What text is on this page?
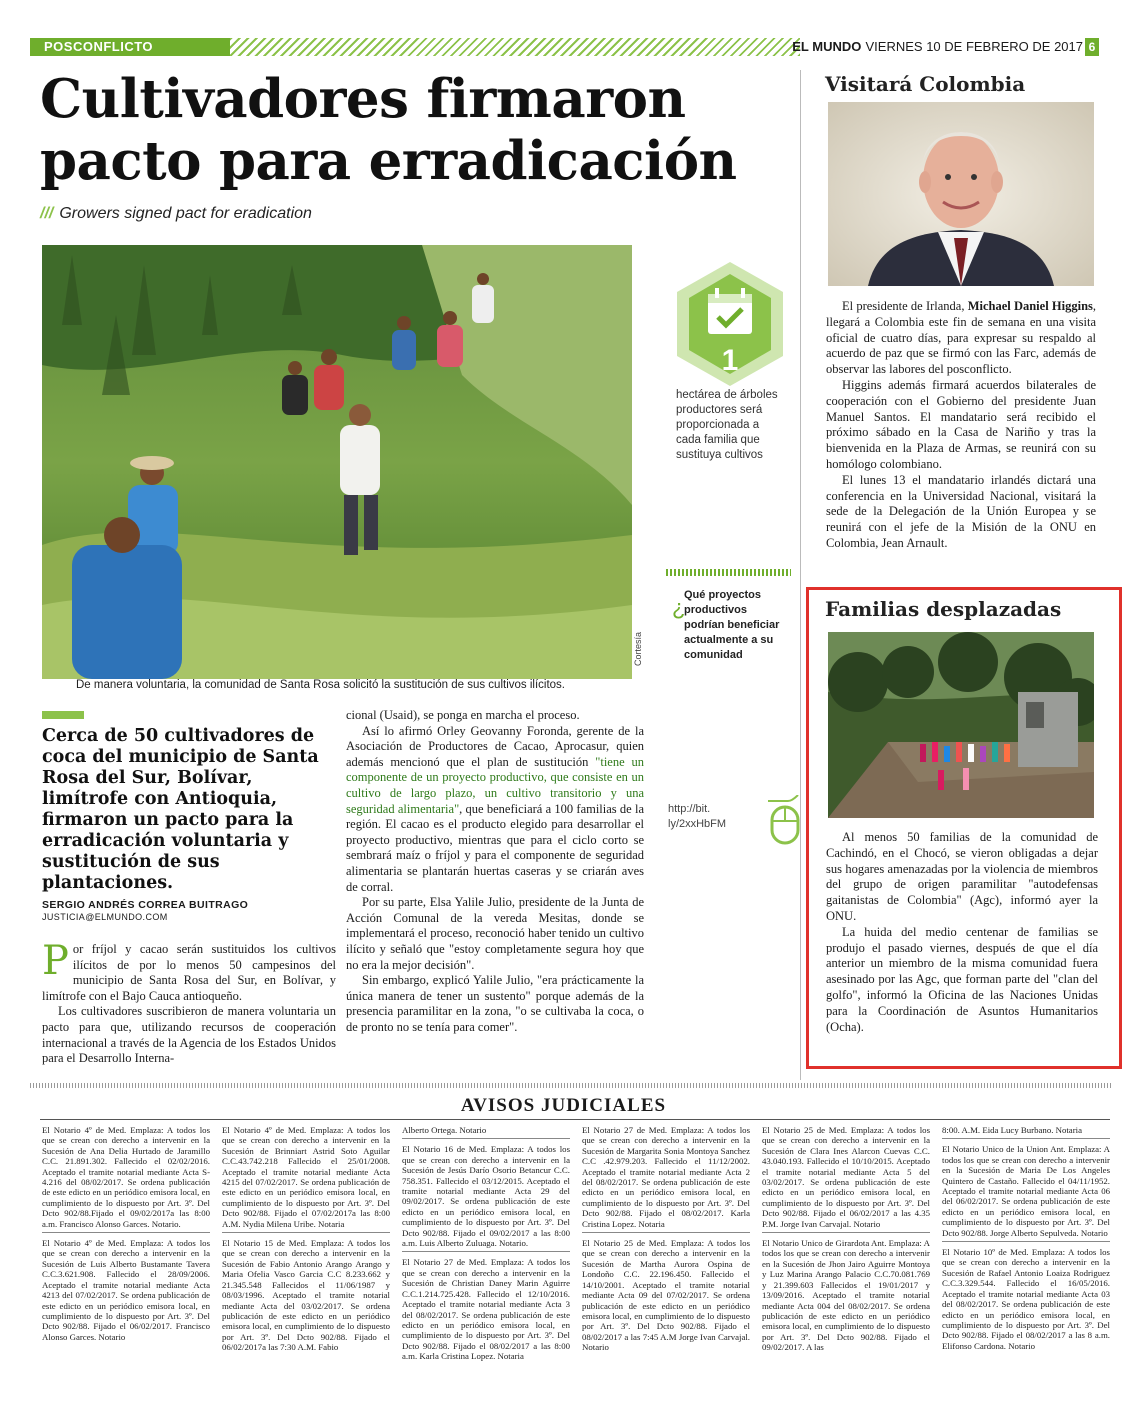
POSCONFLICTO	EL MUNDO VIERNES 10 DE FEBRERO DE 2017 6
Cultivadores firmaron pacto para erradicación
/// Growers signed pact for eradication
De manera voluntaria, la comunidad de Santa Rosa solicitó la sustitución de sus cultivos ilícitos.
Cortesía
1
hectárea de árboles productores será proporcionada a cada familia que sustituya cultivos
¿
Qué proyectos productivos podrían beneficiar actualmente a su comunidad
http://bit.
ly/2xxHbFM
Cerca de 50 cultivadores de coca del municipio de Santa Rosa del Sur, Bolívar, limítrofe con Antioquia, firmaron un pacto para la erradicación voluntaria y sustitución de sus plantaciones.
SERGIO ANDRÉS CORREA BUITRAGO
JUSTICIA@ELMUNDO.COM

Por fríjol y cacao serán sustituidos los cultivos ilícitos de por lo menos 50 campesinos del municipio de Santa Rosa del Sur, en Bolívar, y limítrofe con el Bajo Cauca antioqueño.

Los cultivadores suscribieron de manera voluntaria un pacto para que, utilizando recursos de cooperación internacional a través de la Agencia de los Estados Unidos para el Desarrollo Interna-

cional (Usaid), se ponga en marcha el proceso.

Así lo afirmó Orley Geovanny Foronda, gerente de la Asociación de Productores de Cacao, Aprocasur, quien además mencionó que el plan de sustitución "tiene un componente de un proyecto productivo, que consiste en un cultivo de largo plazo, un cultivo transitorio y una seguridad alimentaria", que beneficiará a 100 familias de la región. El cacao es el producto elegido para desarrollar el proyecto productivo, mientras que para el ciclo corto se sembrará maíz o fríjol y para el componente de seguridad alimentaria se plantarán huertas caseras y se criarán aves de corral.

Por su parte, Elsa Yalile Julio, presidente de la Junta de Acción Comunal de la vereda Mesitas, donde se implementará el proceso, reconoció haber tenido un cultivo ilícito y señaló que "estoy completamente segura hoy que no era la mejor decisión".

Sin embargo, explicó Yalile Julio, "era prácticamente la única manera de tener un sustento" porque además de la presencia paramilitar en la zona, "o se cultivaba la coca, o de pronto no se tenía para comer".

Visitará Colombia

El presidente de Irlanda, Michael Daniel Higgins, llegará a Colombia este fin de semana en una visita oficial de cuatro días, para expresar su respaldo al acuerdo de paz que se firmó con las Farc, además de observar las labores del posconflicto.

Higgins además firmará acuerdos bilaterales de cooperación con el Gobierno del presidente Juan Manuel Santos. El mandatario será recibido el próximo sábado en la Casa de Nariño y tras la bienvenida en la Plaza de Armas, se reunirá con su homólogo colombiano.

El lunes 13 el mandatario irlandés dictará una conferencia en la Universidad Nacional, visitará la sede de la Delegación de la Unión Europea y se reunirá con el jefe de la Misión de la ONU en Colombia, Jean Arnault.

Familias desplazadas

Al menos 50 familias de la comunidad de Cachindó, en el Chocó, se vieron obligadas a dejar sus hogares amenazadas por la violencia de miembros del grupo de origen paramilitar "autodefensas gaitanistas de Colombia" (Agc), informó ayer la ONU.

La huida del medio centenar de familias se produjo el pasado viernes, después de que el día anterior un miembro de la misma comunidad fuera asesinado por las Agc, que forman parte del "clan del golfo", informó la Oficina de las Naciones Unidas para la Coordinación de Asuntos Humanitarios (Ocha).

AVISOS JUDICIALES
El Notario 4º de Med. Emplaza: A todos los que se crean con derecho a intervenir en la Sucesión de Ana Delia Hurtado de Jaramillo C.C. 21.891.302. Fallecido el 02/02/2016. Aceptado el tramite notarial mediante Acta S-4.216 del 08/02/2017. Se ordena publicación de este edicto en un periódico emisora local, en cumplimiento de lo dispuesto por Art. 3º. Del Dcto 902/88.Fijado el 09/02/2017a las 8:00 a.m. Francisco Alonso Garces. Notario.
El Notario 4º de Med. Emplaza: A todos los que se crean con derecho a intervenir en la Sucesión de Luis Alberto Bustamante Tavera C.C.3.621.908. Fallecido el 28/09/2006. Aceptado el tramite notarial mediante Acta 4213 del 07/02/2017. Se ordena publicación de este edicto en un periódico emisora local, en cumplimiento de lo dispuesto por Art. 3º. Del Dcto 902/88. Fijado el 06/02/2017. Francisco Alonso Garces. Notario
El Notario 4º de Med. Emplaza: A todos los que se crean con derecho a intervenir en la Sucesión de Brinniart Astrid Soto Aguilar C.C.43.742.218 Fallecido el 25/01/2008. Aceptado el tramite notarial mediante Acta 4215 del 07/02/2017. Se ordena publicación de este edicto en un periódico emisora local, en cumplimiento de lo dispuesto por Art. 3º. Del Dcto 902/88. Fijado el 07/02/2017a las 8:00 A.M. Nydia Milena Uribe. Notaria
El Notario 15 de Med. Emplaza: A todos los que se crean con derecho a intervenir en la Sucesión de Fabio Antonio Arango Arango y Maria Ofelia Vasco Garcia C.C 8.233.662 y 21.345.548 Fallecidos el 11/06/1987 y 08/03/1996. Aceptado el tramite notarial mediante Acta del 03/02/2017. Se ordena publicación de este edicto en un periódico emisora local, en cumplimiento de lo dispuesto por Art. 3º. Del Dcto 902/88. Fijado el 06/02/2017a las 7:30 A.M. Fabio
Alberto Ortega. Notario
El Notario 16 de Med. Emplaza: A todos los que se crean con derecho a intervenir en la Sucesión de Jesús Darío Osorio Betancur C.C. 758.351. Fallecido el 03/12/2015. Aceptado el tramite notarial mediante Acta 29 del 09/02/2017. Se ordena publicación de este edicto en un periódico emisora local, en cumplimiento de lo dispuesto por Art. 3º. Del Dcto 902/88. Fijado el 09/02/2017 a las 8:00 a.m. Luis Alberto Zuluaga. Notario.
El Notario 27 de Med. Emplaza: A todos los que se crean con derecho a intervenir en la Sucesión de Christian Daney Marin Aguirre C.C.1.214.725.428. Fallecido el 12/10/2016. Aceptado el tramite notarial mediante Acta 3 del 08/02/2017. Se ordena publicación de este edicto en un periódico emisora local, en cumplimiento de lo dispuesto por Art. 3º. Del Dcto 902/88. Fijado el 08/02/2017 a las 8:00 a.m. Karla Cristina Lopez. Notaria
El Notario 27 de Med. Emplaza: A todos los que se crean con derecho a intervenir en la Sucesión de Margarita Sonia Montoya Sanchez C.C .42.979.203. Fallecido el 11/12/2002. Aceptado el tramite notarial mediante Acta 2 del 08/02/2017. Se ordena publicación de este edicto en un periódico emisora local, en cumplimiento de lo dispuesto por Art. 3º. Del Dcto 902/88. Fijado el 08/02/2017. Karla Cristina Lopez. Notaria
El Notario 25 de Med. Emplaza: A todos los que se crean con derecho a intervenir en la Sucesión de Martha Aurora Ospina de Londoño C.C. 22.196.450. Fallecido el 14/10/2001. Aceptado el tramite notarial mediante Acta 09 del 07/02/2017. Se ordena publicación de este edicto en un periódico emisora local, en cumplimiento de lo dispuesto por Art. 3º. Del Dcto 902/88. Fijado el 08/02/2017 a las 7:45 A.M Jorge Ivan Carvajal. Notario
El Notario 25 de Med. Emplaza: A todos los que se crean con derecho a intervenir en la Sucesión de Clara Ines Alarcon Cuevas C.C. 43.040.193. Fallecido el 10/10/2015. Aceptado el tramite notarial mediante Acta 5 del 03/02/2017. Se ordena publicación de este edicto en un periódico emisora local, en cumplimiento de lo dispuesto por Art. 3º. Del Dcto 902/88. Fijado el 06/02/2017 a las 4.35 P.M. Jorge Ivan Carvajal. Notario
El Notario Unico de Girardota Ant. Emplaza: A todos los que se crean con derecho a intervenir en la Sucesión de Jhon Jairo Aguirre Montoya y Luz Marina Arango Palacio C.C.70.081.769 y 21.399.603 Fallecidos el 19/01/2017 y 13/09/2016. Aceptado el tramite notarial mediante Acta 004 del 08/02/2017. Se ordena publicación de este edicto en un periódico emisora local, en cumplimiento de lo dispuesto por Art. 3º. Del Dcto 902/88. Fijado el 09/02/2017. A las
8:00. A.M. Eida Lucy Burbano. Notaria
El Notario Unico de la Union Ant. Emplaza: A todos los que se crean con derecho a intervenir en la Sucesión de Maria De Los Angeles Quintero de Castaño. Fallecido el 04/11/1952. Aceptado el tramite notarial mediante Acta 06 del 06/02/2017. Se ordena publicación de este edicto en un periódico emisora local, en cumplimiento de lo dispuesto por Art. 3º. Del Dcto 902/88. Jorge Alberto Sepulveda. Notario
El Notario 10º de Med. Emplaza: A todos los que se crean con derecho a intervenir en la Sucesión de Rafael Antonio Loaiza Rodriguez C.C.3.329.544. Fallecido el 16/05/2016. Aceptado el tramite notarial mediante Acta 03 del 08/02/2017. Se ordena publicación de este edicto en un periódico emisora local, en cumplimiento de lo dispuesto por Art. 3º. Del Dcto 902/88. Fijado el 08/02/2017 a las 8 a.m. Elifonso Cardona. Notario
